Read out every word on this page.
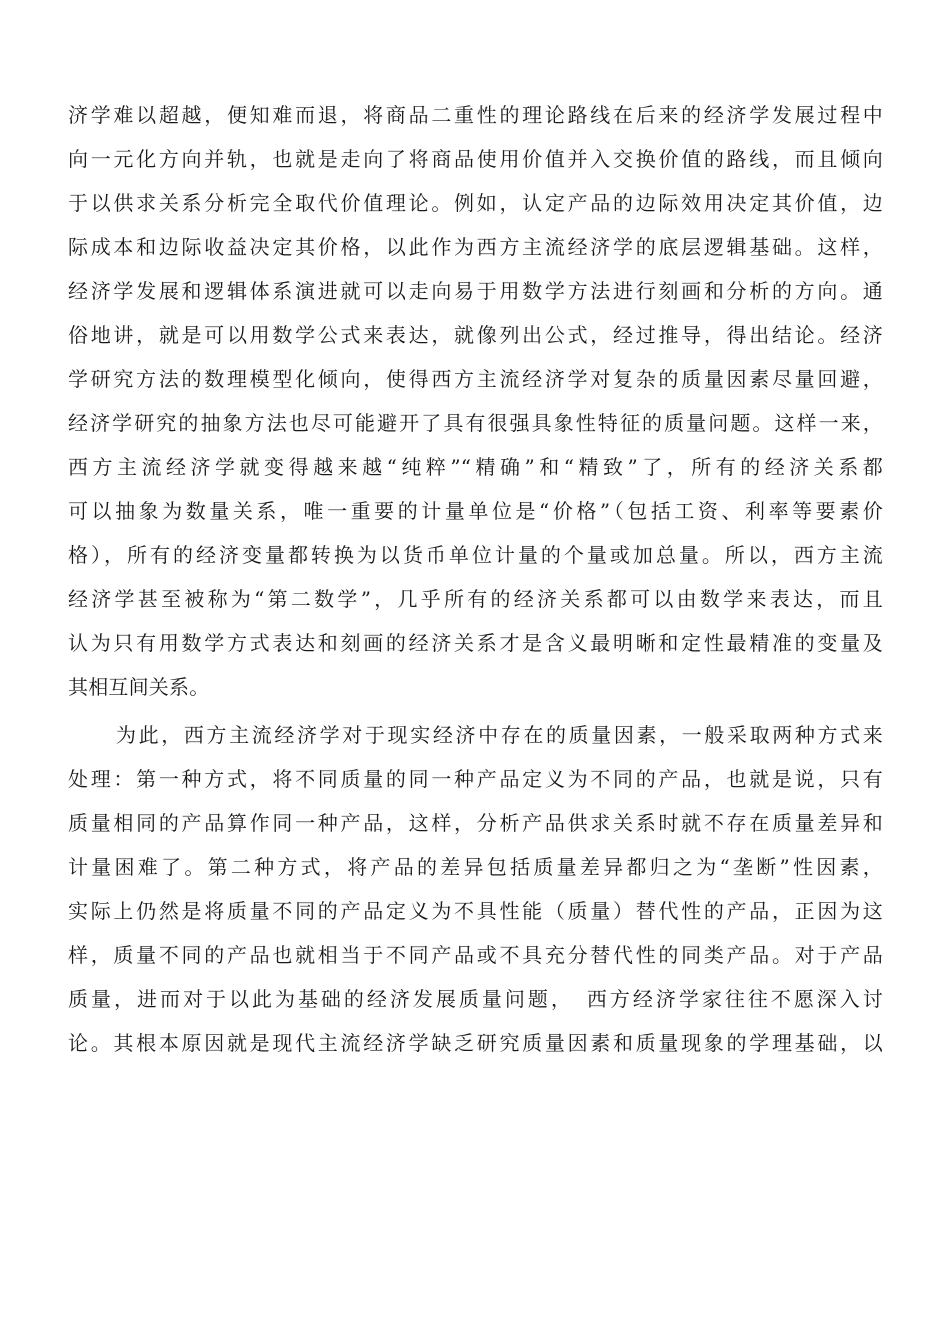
济学难以超越，便知难而退，将商品二重性的理论路线在后来的经济学发展过程中

向一元化方向并轨，也就是走向了将商品使用价值并入交换价值的路线，而且倾向

于以供求关系分析完全取代价值理论。例如，认定产品的边际效用决定其价值，边

际成本和边际收益决定其价格，以此作为西方主流经济学的底层逻辑基础。这样，

经济学发展和逻辑体系演进就可以走向易于用数学方法进行刻画和分析的方向。通

俗地讲，就是可以用数学公式来表达，就像列出公式，经过推导，得出结论。经济

学研究方法的数理模型化倾向，使得西方主流经济学对复杂的质量因素尽量回避，

经济学研究的抽象方法也尽可能避开了具有很强具象性特征的质量问题。这样一来，

西方主流经济学就变得越来越“纯粹”“精确”和“精致”了，所有的经济关系都

可以抽象为数量关系，唯一重要的计量单位是“价格”（包括工资、利率等要素价

格），所有的经济变量都转换为以货币单位计量的个量或加总量。所以，西方主流

经济学甚至被称为“第二数学”，几乎所有的经济关系都可以由数学来表达，而且

认为只有用数学方式表达和刻画的经济关系才是含义最明晰和定性最精准的变量及

其相互间关系。

为此，西方主流经济学对于现实经济中存在的质量因素，一般采取两种方式来

处理：第一种方式，将不同质量的同一种产品定义为不同的产品，也就是说，只有

质量相同的产品算作同一种产品，这样，分析产品供求关系时就不存在质量差异和

计量困难了。第二种方式，将产品的差异包括质量差异都归之为“垄断”性因素，

实际上仍然是将质量不同的产品定义为不具性能（质量）替代性的产品，正因为这

样，质量不同的产品也就相当于不同产品或不具充分替代性的同类产品。对于产品

质量，进而对于以此为基础的经济发展质量问题，　西方经济学家往往不愿深入讨

论。其根本原因就是现代主流经济学缺乏研究质量因素和质量现象的学理基础，以
